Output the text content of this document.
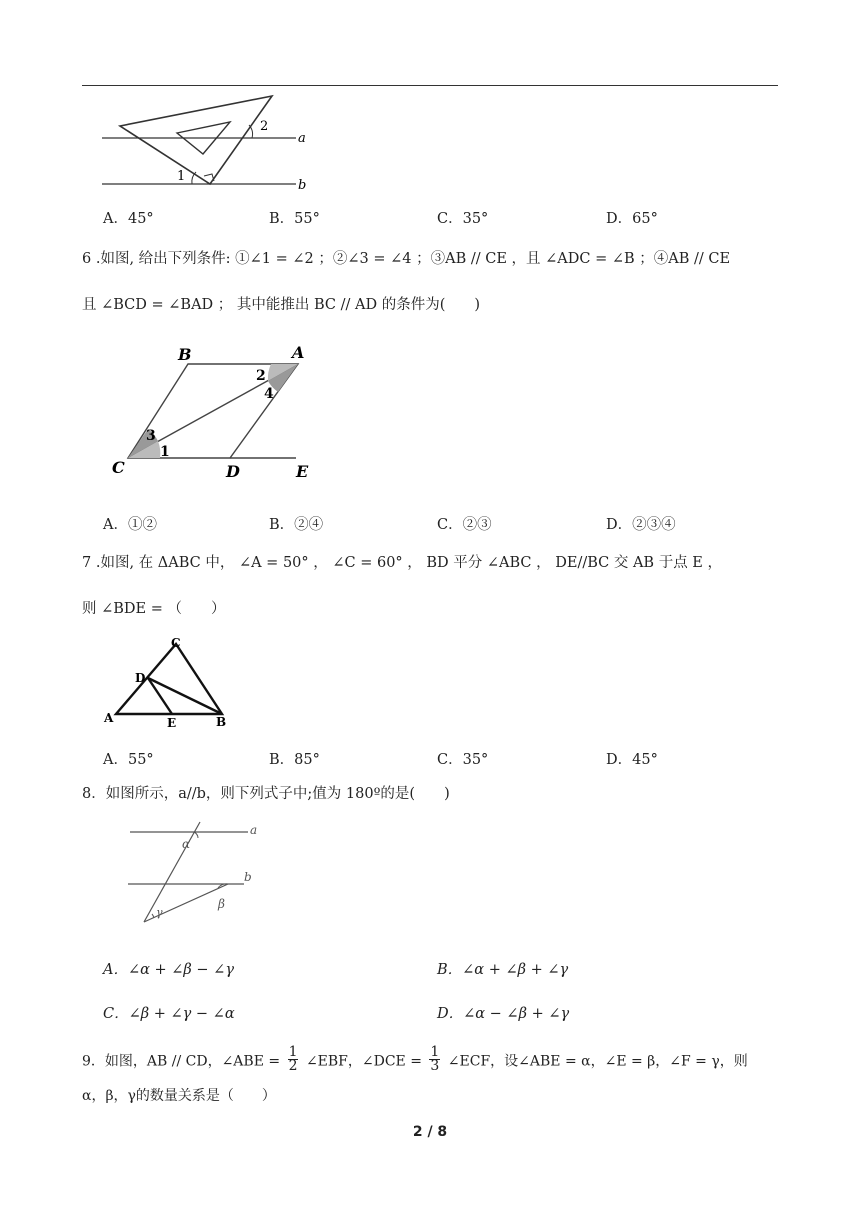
2
1
a
b
A．45°	B．55°	C．35°	D．65°
6 .如图, 给出下列条件: ①∠1 = ∠2 ；②∠3 = ∠4 ；③AB // CE ，且 ∠ADC = ∠B ；④AB // CE
且 ∠BCD = ∠BAD ； 其中能推出 BC // AD 的条件为(　　)
B	A
C	D	E
1
2
3
4
A．①②	B．②④	C．②③	D．②③④
7 .如图, 在 ΔABC 中， ∠A = 50° ， ∠C = 60° ， BD 平分 ∠ABC ， DE//BC 交 AB 于点 E ，
则 ∠BDE = （　　）
A	B
C
D
E
A．55°	B．85°	C．35°	D．45°
8．如图所示，a//b，则下列式子中;值为 180º的是(　　)
a
b
α
β
γ
A．∠α + ∠β − ∠γ	B．∠α + ∠β + ∠γ
C．∠β + ∠γ − ∠α	D．∠α − ∠β + ∠γ
9．如图，AB // CD，∠ABE = $\frac{1}{2}$ ∠EBF，∠DCE = $\frac{1}{3}$ ∠ECF，设∠ABE = α，∠E = β，∠F = γ，则
α，β，γ的数量关系是（　　）
2 / 8
